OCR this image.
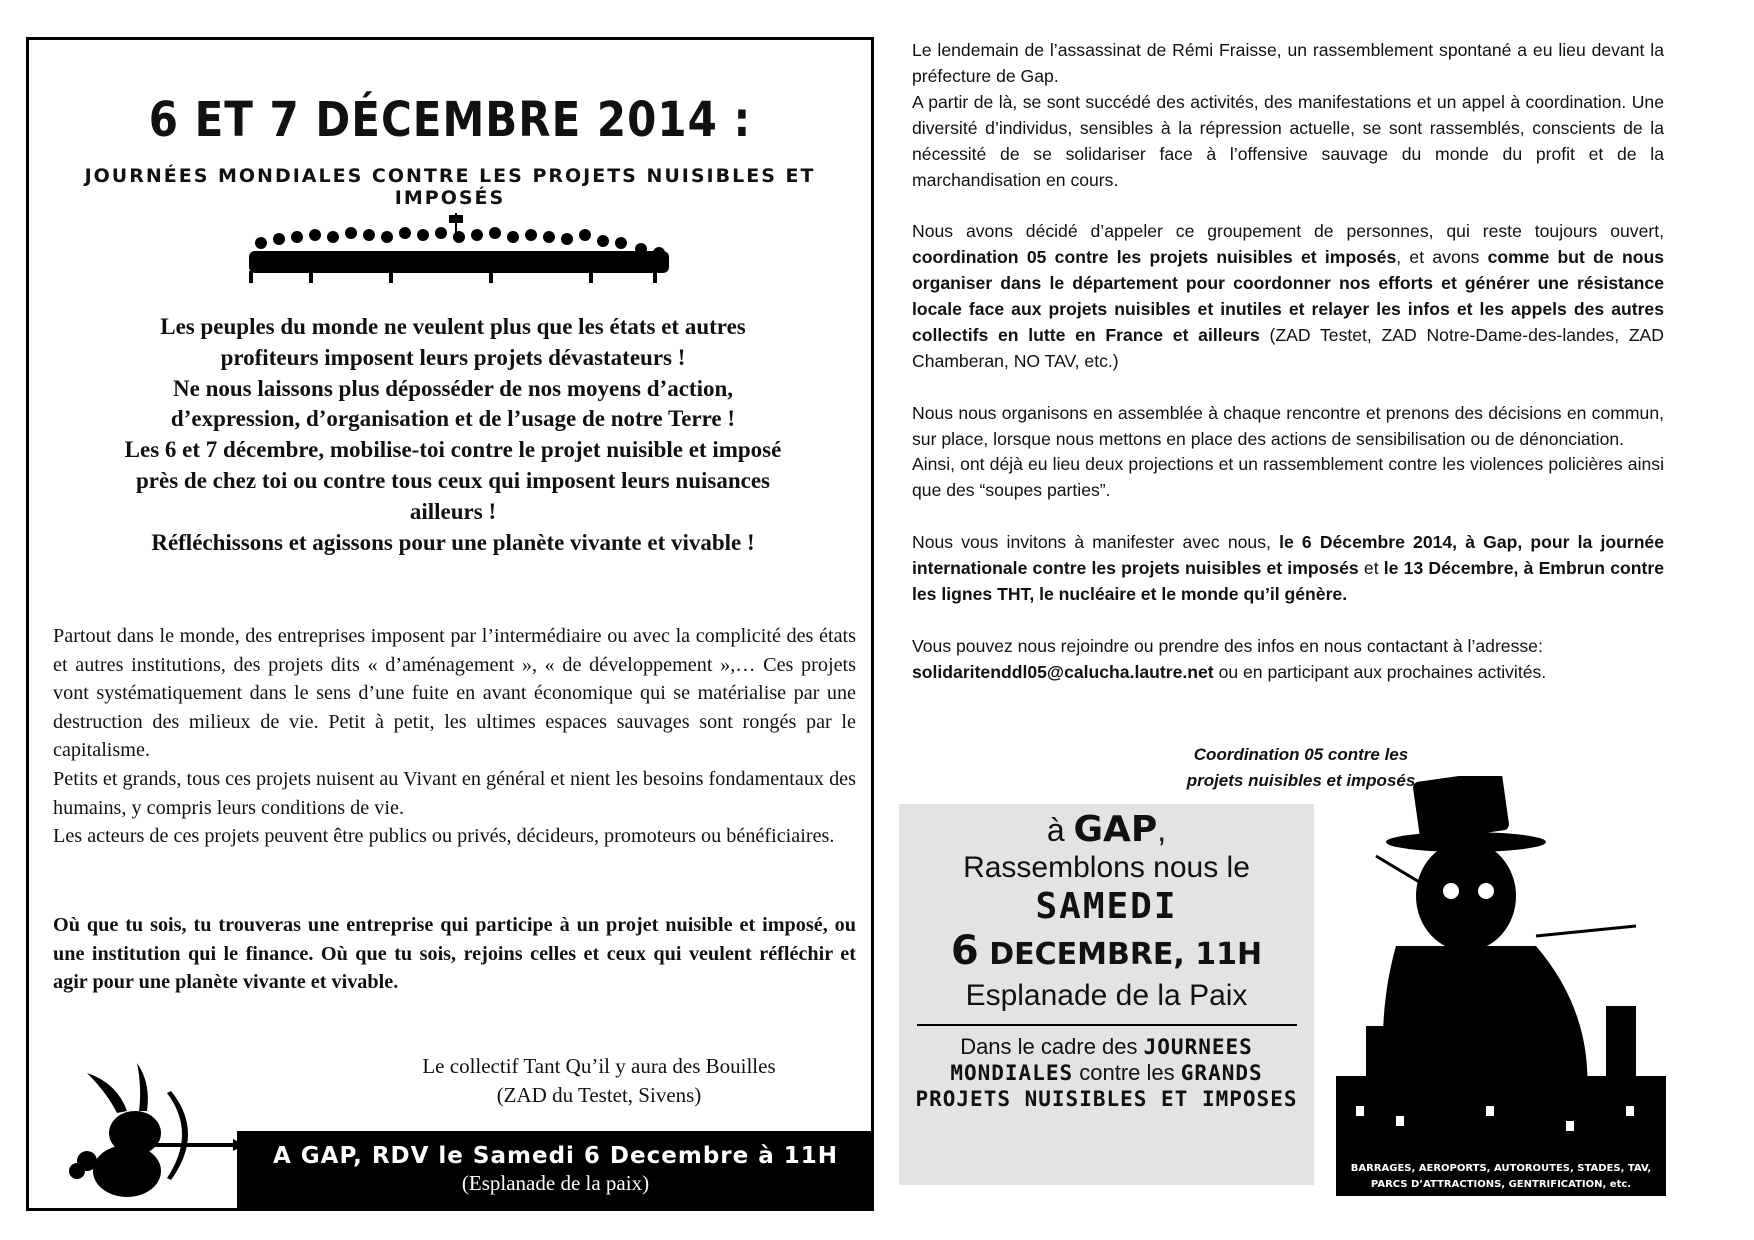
6 ET 7 DÉCEMBRE 2014 :
JOURNÉES MONDIALES CONTRE LES PROJETS NUISIBLES ET IMPOSÉS
Les peuples du monde ne veulent plus que les états et autres
profiteurs imposent leurs projets dévastateurs !
Ne nous laissons plus déposséder de nos moyens d’action,
d’expression, d’organisation et de l’usage de notre Terre !
Les 6 et 7 décembre, mobilise-toi contre le projet nuisible et imposé
près de chez toi ou contre tous ceux qui imposent leurs nuisances
ailleurs !
Réfléchissons et agissons pour une planète vivante et vivable !

Partout dans le monde, des entreprises imposent par l’intermédiaire ou avec la complicité des états et autres institutions, des projets dits « d’aménagement », « de développement »,… Ces projets vont systématiquement dans le sens d’une fuite en avant économique qui se matérialise par une destruction des milieux de vie. Petit à petit, les ultimes espaces sauvages sont rongés par le capitalisme.

Petits et grands, tous ces projets nuisent au Vivant en général et nient les besoins fondamentaux des humains, y compris leurs conditions de vie.

Les acteurs de ces projets peuvent être publics ou privés, décideurs, promoteurs ou bénéficiaires.

Où que tu sois, tu trouveras une entreprise qui participe à un projet nuisible et imposé, ou une institution qui le finance. Où que tu sois, rejoins celles et ceux qui veulent réfléchir et agir pour une planète vivante et vivable.
Le collectif Tant Qu’il y aura des Bouilles
(ZAD du Testet, Sivens)
A GAP, RDV le Samedi 6 Decembre à 11H
(Esplanade de la paix)

Le lendemain de l’assassinat de Rémi Fraisse, un rassemblement spontané a eu lieu devant la préfecture de Gap.
A partir de là, se sont succédé des activités, des manifestations et un appel à coordination. Une diversité d’individus, sensibles à la répression actuelle, se sont rassemblés, conscients de la nécessité de se solidariser face à l’offensive sauvage du monde du profit et de la marchandisation en cours.

Nous avons décidé d’appeler ce groupement de personnes, qui reste toujours ouvert, coordination 05 contre les projets nuisibles et imposés, et avons comme but de nous organiser dans le département pour coordonner nos efforts et générer une résistance locale face aux projets nuisibles et inutiles et relayer les infos et les appels des autres collectifs en lutte en France et ailleurs (ZAD Testet, ZAD Notre-Dame-des-landes, ZAD Chamberan, NO TAV, etc.)

Nous nous organisons en assemblée à chaque rencontre et prenons des décisions en commun, sur place, lorsque nous mettons en place des actions de sensibilisation ou de dénonciation.
Ainsi, ont déjà eu lieu deux projections et un rassemblement contre les violences policières ainsi que des “soupes parties”.

Nous vous invitons à manifester avec nous, le 6 Décembre 2014, à Gap, pour la journée internationale contre les projets nuisibles et imposés et le 13 Décembre, à Embrun contre les lignes THT, le nucléaire et le monde qu’il génère.

Vous pouvez nous rejoindre ou prendre des infos en nous contactant à l’adresse:
solidaritenddl05@calucha.lautre.net ou en participant aux prochaines activités.

Coordination 05 contre les
projets nuisibles et imposés
à GAP,
Rassemblons nous le
SAMEDI
6 DECEMBRE, 11H
Esplanade de la Paix
Dans le cadre des JOURNEES MONDIALES contre les GRANDS PROJETS NUISIBLES ET IMPOSES
BARRAGES, AEROPORTS, AUTOROUTES, STADES, TAV,
PARCS D’ATTRACTIONS, GENTRIFICATION, etc.
